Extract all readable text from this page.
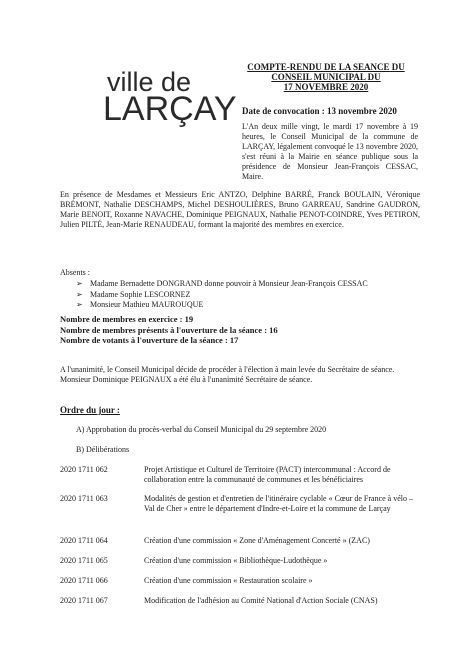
ville de
LARÇAY
COMPTE-RENDU DE LA SEANCE DU
CONSEIL MUNICIPAL DU
17 NOVEMBRE 2020
Date de convocation : 13 novembre 2020
L'An deux mille vingt, le mardi 17 novembre à 19 heures, le Conseil Municipal de la commune de LARÇAY, légalement convoqué le 13 novembre 2020, s'est réuni à la Mairie en séance publique sous la présidence de Monsieur Jean-François CESSAC, Maire.
En présence de Mesdames et Messieurs Eric ANTZO, Delphine BARRÉ, Franck BOULAIN, Véronique BRÉMONT, Nathalie DESCHAMPS, Michel DESHOULIÈRES, Bruno GARREAU, Sandrine GAUDRON, Marie BENOIT, Roxanne NAVACHE, Dominique PEIGNAUX, Nathalie PENOT-COINDRE, Yves PETIRON, Julien PILTÉ, Jean-Marie RENAUDEAU, formant la majorité des membres en exercice.
Absents :
➢ Madame Bernadette DONGRAND donne pouvoir à Monsieur Jean-François CESSAC
➢ Madame Sophie LESCORNEZ
➢ Monsieur Mathieu MAUROUQUE
Nombre de membres en exercice : 19
Nombre de membres présents à l'ouverture de la séance : 16
Nombre de votants à l'ouverture de la séance : 17
A l'unanimité, le Conseil Municipal décide de procéder à l'élection à main levée du Secrétaire de séance. Monsieur Dominique PEIGNAUX a été élu à l'unanimité Secrétaire de séance.
Ordre du jour :
A) Approbation du procès-verbal du Conseil Municipal du 29 septembre 2020
B) Délibérations
2020 1711 062	Projet Artistique et Culturel de Territoire (PACT) intercommunal : Accord de collaboration entre la communauté de communes et les bénéficiaires
2020 1711 063	Modalités de gestion et d'entretien de l'itinéraire cyclable « Cœur de France à vélo – Val de Cher » entre le département d'Indre-et-Loire et la commune de Larçay
2020 1711 064	Création d'une commission « Zone d'Aménagement Concerté » (ZAC)
2020 1711 065	Création d'une commission « Bibliothèque-Ludothèque »
2020 1711 066	Création d'une commission « Restauration scolaire »
2020 1711 067	Modification de l'adhésion au Comité National d'Action Sociale (CNAS)
